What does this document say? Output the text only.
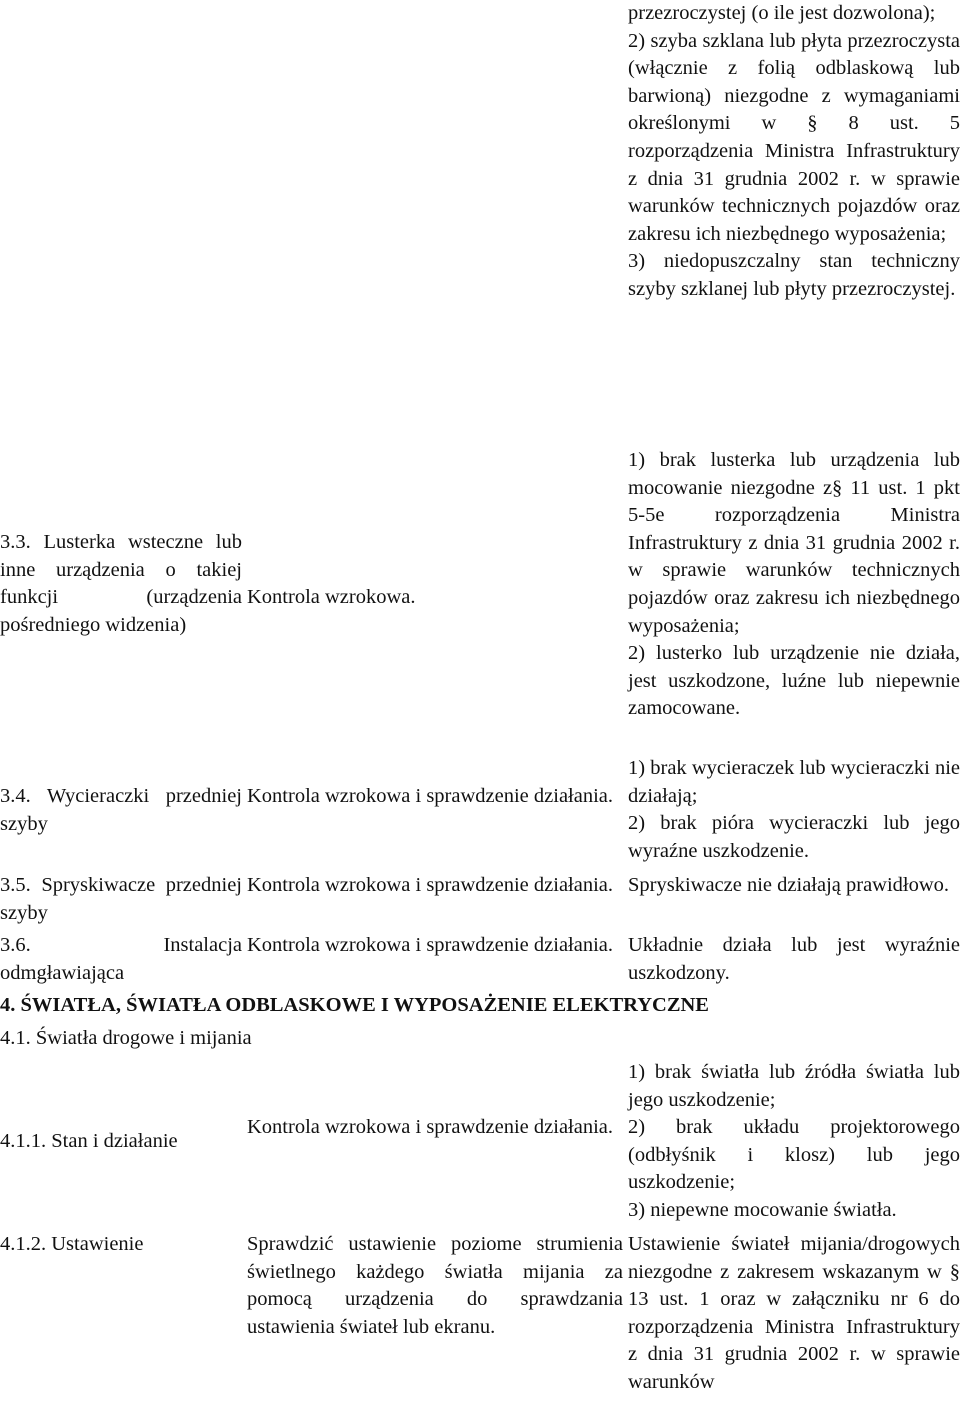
przezroczystej (o ile jest dozwolona);

2) szyba szklana lub płyta przezroczysta (włącznie z folią odblaskową lub barwioną) niezgodne z wymaganiami określonymi w § 8 ust. 5 rozporządzenia Ministra Infrastruktury z dnia 31 grudnia 2002 r. w sprawie warunków technicznych pojazdów oraz zakresu ich niezbędnego wyposażenia;

3) niedopuszczalny stan techniczny szyby szklanej lub płyty przezroczystej.

3.3. Lusterka wsteczne lub inne urządzenia o takiej funkcji (urządzenia pośredniego widzenia)
Kontrola wzrokowa.

1) brak lusterka lub urządzenia lub mocowanie niezgodne z§ 11 ust. 1 pkt 5-5e rozporządzenia Ministra Infrastruktury z dnia 31 grudnia 2002 r. w sprawie warunków technicznych pojazdów oraz zakresu ich niezbędnego wyposażenia;

2) lusterko lub urządzenie nie działa, jest uszkodzone, luźne lub niepewnie zamocowane.

3.4. Wycieraczki przedniej szyby
Kontrola wzrokowa i sprawdzenie działania.

1) brak wycieraczek lub wycieraczki nie działają;

2) brak pióra wycieraczki lub jego wyraźne uszkodzenie.

3.5. Spryskiwacze przedniej szyby
Kontrola wzrokowa i sprawdzenie działania. Spryskiwacze nie działają prawidłowo.

3.6. Instalacja odmgławiająca
Kontrola wzrokowa i sprawdzenie działania. Układnie działa lub jest wyraźnie uszkodzony.

4. ŚWIATŁA, ŚWIATŁA ODBLASKOWE I WYPOSAŻENIE ELEKTRYCZNE
4.1. Światła drogowe i mijania
4.1.1. Stan i działanie
Kontrola wzrokowa i sprawdzenie działania.

1) brak światła lub źródła światła lub jego uszkodzenie;

2) brak układu projektorowego (odbłyśnik i klosz) lub jego uszkodzenie;

3) niepewne mocowanie światła.

4.1.2. Ustawienie	Sprawdzić ustawienie poziome strumienia świetlnego każdego światła mijania za pomocą urządzenia do sprawdzania ustawienia świateł lub ekranu.

Ustawienie świateł mijania/drogowych niezgodne z zakresem wskazanym w § 13 ust. 1 oraz w załączniku nr 6 do rozporządzenia Ministra Infrastruktury z dnia 31 grudnia 2002 r. w sprawie warunków
